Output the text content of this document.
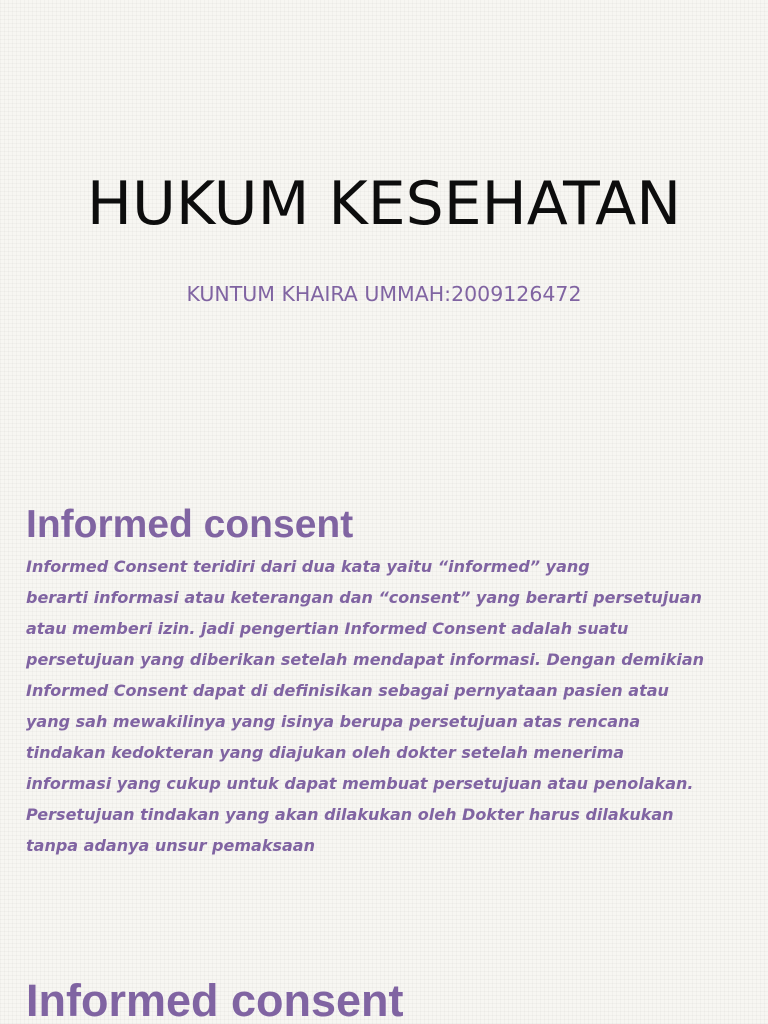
HUKUM KESEHATAN

KUNTUM KHAIRA UMMAH:2009126472

Informed consent

Informed Consent teridiri dari dua kata yaitu “informed” yang
berarti informasi atau keterangan dan “consent” yang berarti persetujuan
atau memberi izin. jadi pengertian Informed Consent adalah suatu
persetujuan yang diberikan setelah mendapat informasi. Dengan demikian
Informed Consent dapat di definisikan sebagai pernyataan pasien atau
yang sah mewakilinya yang isinya berupa persetujuan atas rencana
tindakan kedokteran yang diajukan oleh dokter setelah menerima
informasi yang cukup untuk dapat membuat persetujuan atau penolakan.
Persetujuan tindakan yang akan dilakukan oleh Dokter harus dilakukan
tanpa adanya unsur pemaksaan

Informed consent
